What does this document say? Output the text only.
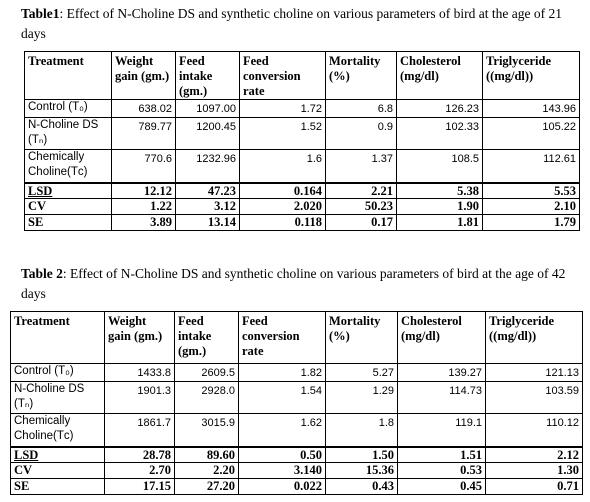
Table1: Effect of N-Choline DS and synthetic choline on various parameters of bird at the age of 21 days
Treatment	Weight gain (gm.)	Feed intake (gm.)	Feed conversion rate	Mortality (%)	Cholesterol (mg/dl)	Triglyceride ((mg/dl))
Control (T₀)	638.02	1097.00	1.72	6.8	126.23	143.96
N-Choline DS (Tₙ)	789.77	1200.45	1.52	0.9	102.33	105.22
Chemically Choline(Tᴄ)	770.6	1232.96	1.6	1.37	108.5	112.61
LSD	12.12	47.23	0.164	2.21	5.38	5.53
CV	1.22	3.12	2.020	50.23	1.90	2.10
SE	3.89	13.14	0.118	0.17	1.81	1.79
Table 2: Effect of N-Choline DS and synthetic choline on various parameters of bird at the age of 42 days
Treatment	Weight gain (gm.)	Feed intake (gm.)	Feed conversion rate	Mortality (%)	Cholesterol (mg/dl)	Triglyceride ((mg/dl))
Control (T₀)	1433.8	2609.5	1.82	5.27	139.27	121.13
N-Choline DS (Tₙ)	1901.3	2928.0	1.54	1.29	114.73	103.59
Chemically Choline(Tᴄ)	1861.7	3015.9	1.62	1.8	119.1	110.12
LSD	28.78	89.60	0.50	1.50	1.51	2.12
CV	2.70	2.20	3.140	15.36	0.53	1.30
SE	17.15	27.20	0.022	0.43	0.45	0.71
